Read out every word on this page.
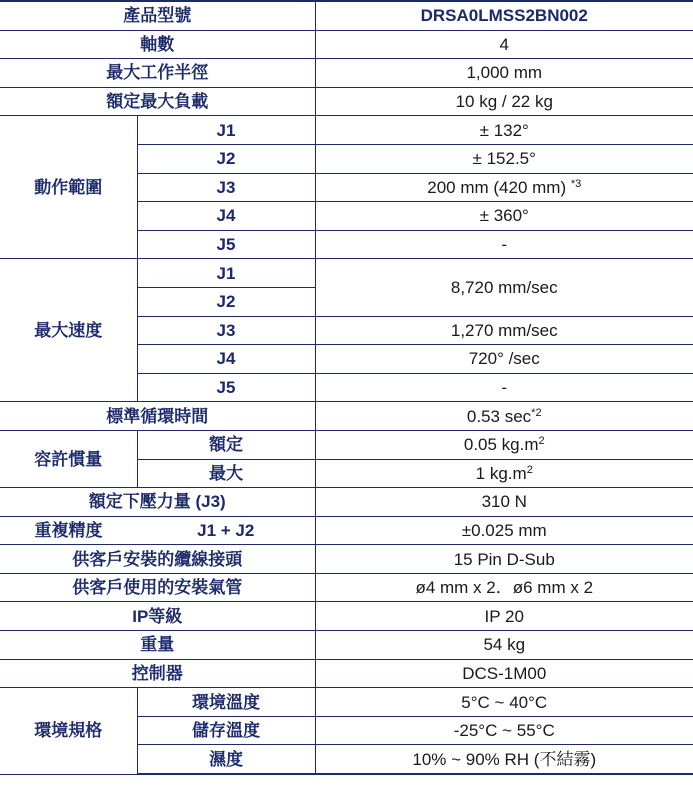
產品型號		DRSA0LMSS2BN002
軸數		4
最大工作半徑		1,000 mm
額定最大負載		10 kg / 22 kg
動作範圍	J1	± 132°
	J2	± 152.5°
	J3	200 mm (420 mm) $^{*3}$
	J4	± 360°
	J5	-
最大速度	J1	8,720 mm/sec
	J2	
	J3	1,270 mm/sec
	J4	720° /sec
	J5	-
標準循環時間		0.53 $\sec^{*2}$
容許慣量	額定	0.05 $kg.m^2$
	最大	1 $kg.m^2$
額定下壓力量 (J3)		310 N
重複精度	J1 + J2	±0.025 mm
供客戶安裝的纜線接頭		15 Pin D-Sub
供客戶使用的安裝氣管		ø4 mm x 2．ø6 mm x 2
IP等級		IP 20
重量		54 kg
控制器		DCS-1M00
環境規格	環境溫度	5°C ~ 40°C
	儲存溫度	-25°C ~ 55°C
	濕度	10% ~ 90% RH (不結霧)
